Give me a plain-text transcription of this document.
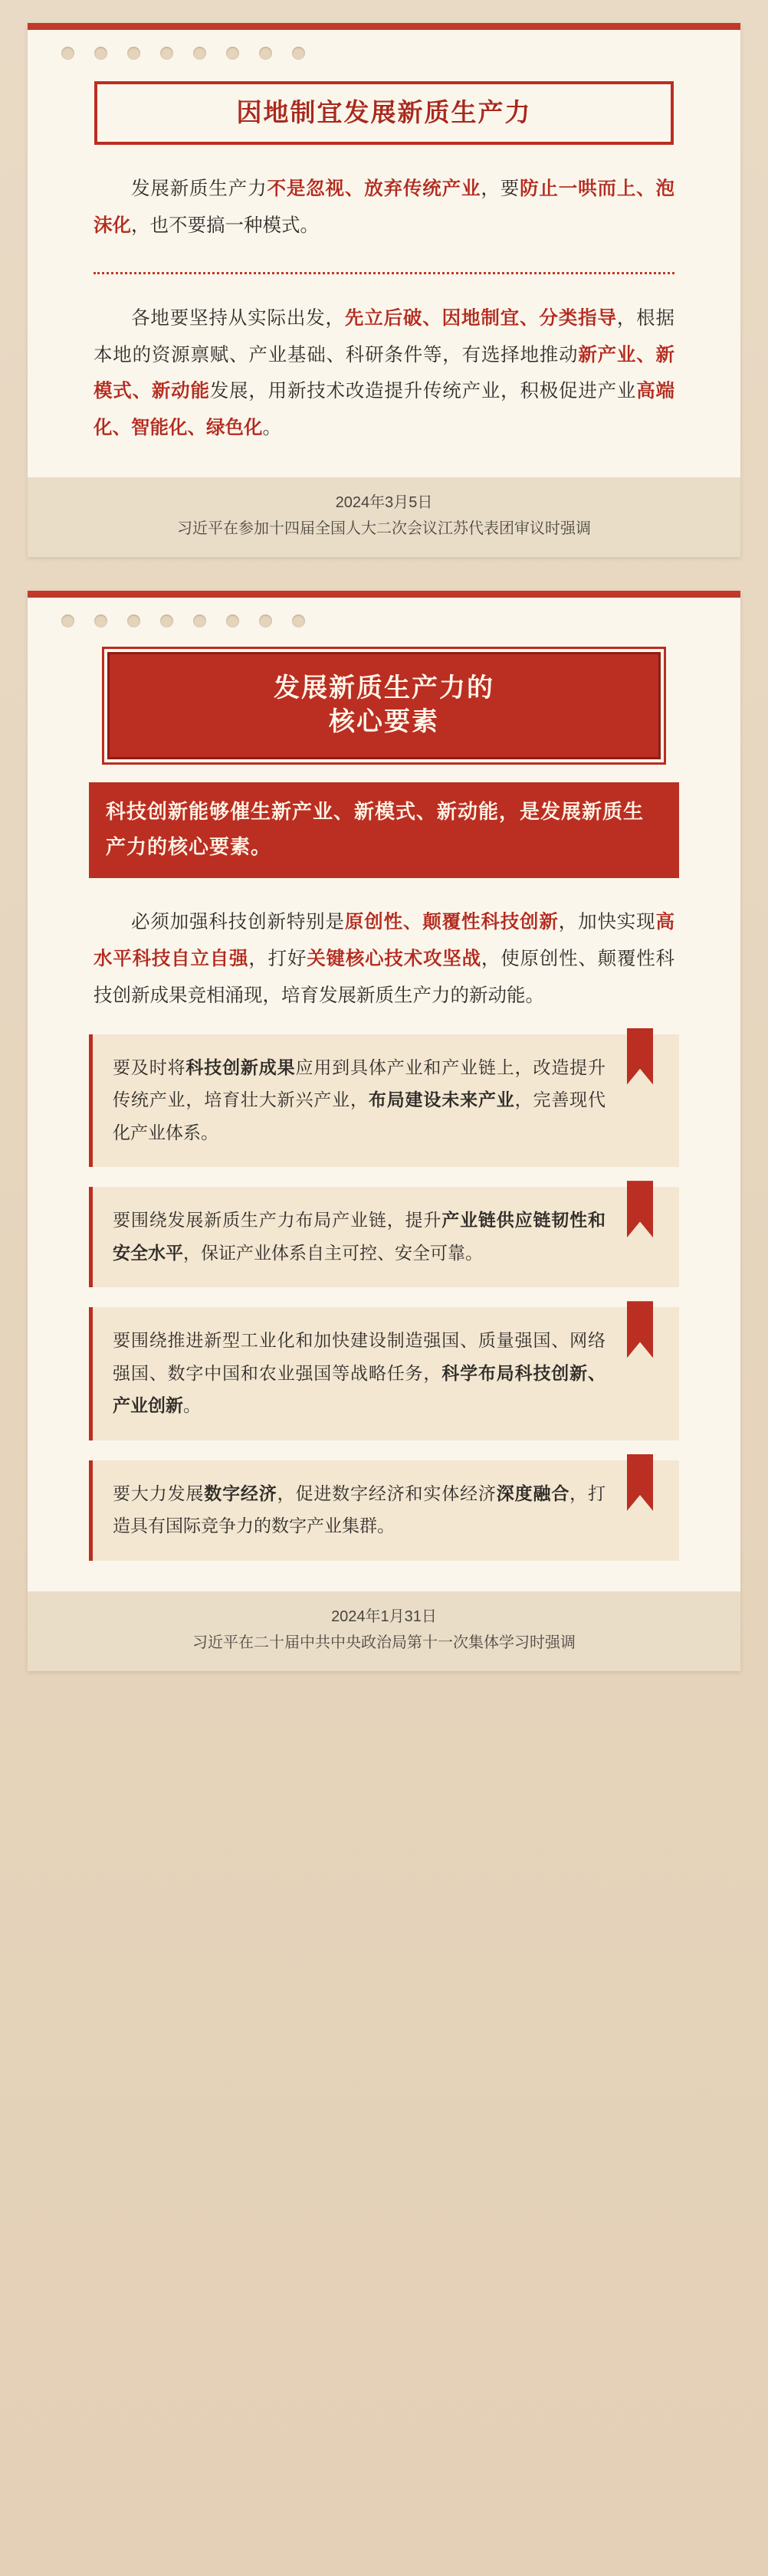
因地制宜发展新质生产力
发展新质生产力不是忽视、放弃传统产业，要防止一哄而上、泡沫化，也不要搞一种模式。
各地要坚持从实际出发，先立后破、因地制宜、分类指导，根据本地的资源禀赋、产业基础、科研条件等，有选择地推动新产业、新模式、新动能发展，用新技术改造提升传统产业，积极促进产业高端化、智能化、绿色化。
2024年3月5日
习近平在参加十四届全国人大二次会议江苏代表团审议时强调
发展新质生产力的
核心要素
科技创新能够催生新产业、新模式、新动能，是发展新质生产力的核心要素。
必须加强科技创新特别是原创性、颠覆性科技创新，加快实现高水平科技自立自强，打好关键核心技术攻坚战，使原创性、颠覆性科技创新成果竞相涌现，培育发展新质生产力的新动能。
要及时将科技创新成果应用到具体产业和产业链上，改造提升传统产业，培育壮大新兴产业，布局建设未来产业，完善现代化产业体系。
要围绕发展新质生产力布局产业链，提升产业链供应链韧性和安全水平，保证产业体系自主可控、安全可靠。
要围绕推进新型工业化和加快建设制造强国、质量强国、网络强国、数字中国和农业强国等战略任务，科学布局科技创新、产业创新。
要大力发展数字经济，促进数字经济和实体经济深度融合，打造具有国际竞争力的数字产业集群。
2024年1月31日
习近平在二十届中共中央政治局第十一次集体学习时强调
